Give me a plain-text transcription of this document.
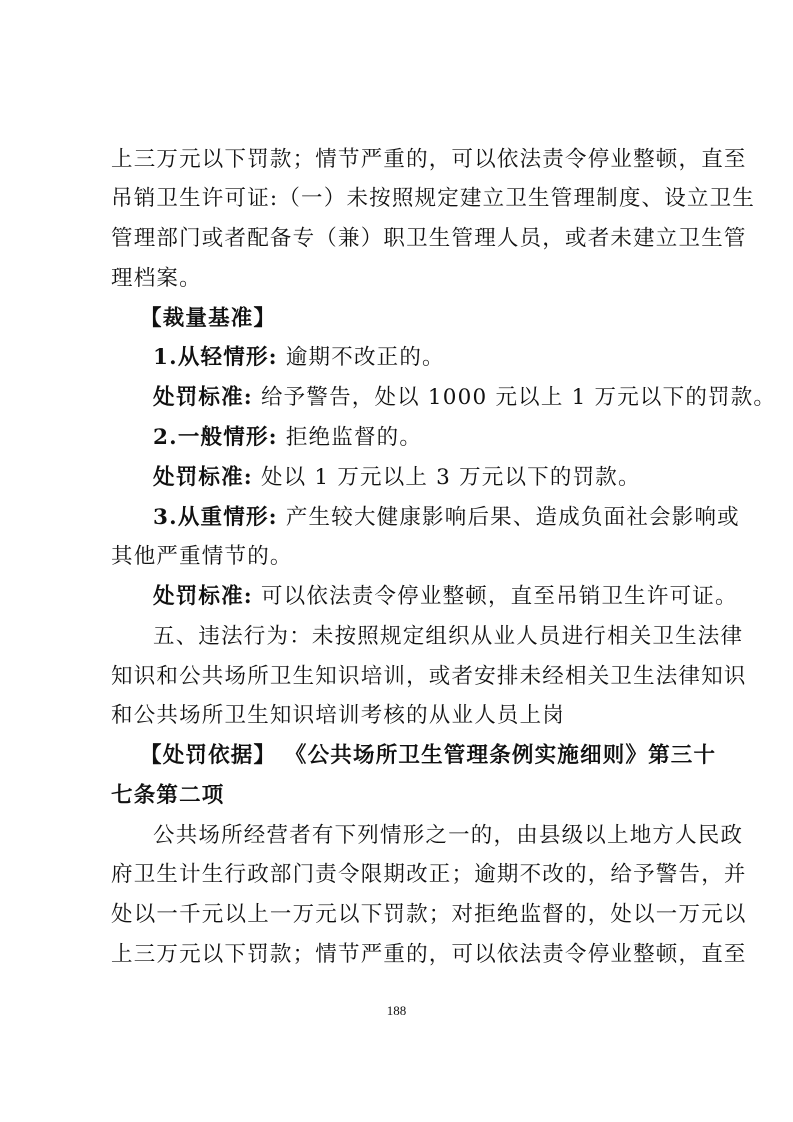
上三万元以下罚款；情节严重的，可以依法责令停业整顿，直至
吊销卫生许可证:（一）未按照规定建立卫生管理制度、设立卫生
管理部门或者配备专（兼）职卫生管理人员，或者未建立卫生管
理档案。
【裁量基准】
1.从轻情形: 逾期不改正的。
处罚标准: 给予警告，处以 1000 元以上 1 万元以下的罚款。
2.一般情形: 拒绝监督的。
处罚标准: 处以 1 万元以上 3 万元以下的罚款。
3.从重情形: 产生较大健康影响后果、造成负面社会影响或
其他严重情节的。
处罚标准: 可以依法责令停业整顿，直至吊销卫生许可证。
五、违法行为：未按照规定组织从业人员进行相关卫生法律
知识和公共场所卫生知识培训，或者安排未经相关卫生法律知识
和公共场所卫生知识培训考核的从业人员上岗
【处罚依据】 《公共场所卫生管理条例实施细则》第三十
七条第二项
公共场所经营者有下列情形之一的，由县级以上地方人民政
府卫生计生行政部门责令限期改正；逾期不改的，给予警告，并
处以一千元以上一万元以下罚款；对拒绝监督的，处以一万元以
上三万元以下罚款；情节严重的，可以依法责令停业整顿，直至
188
